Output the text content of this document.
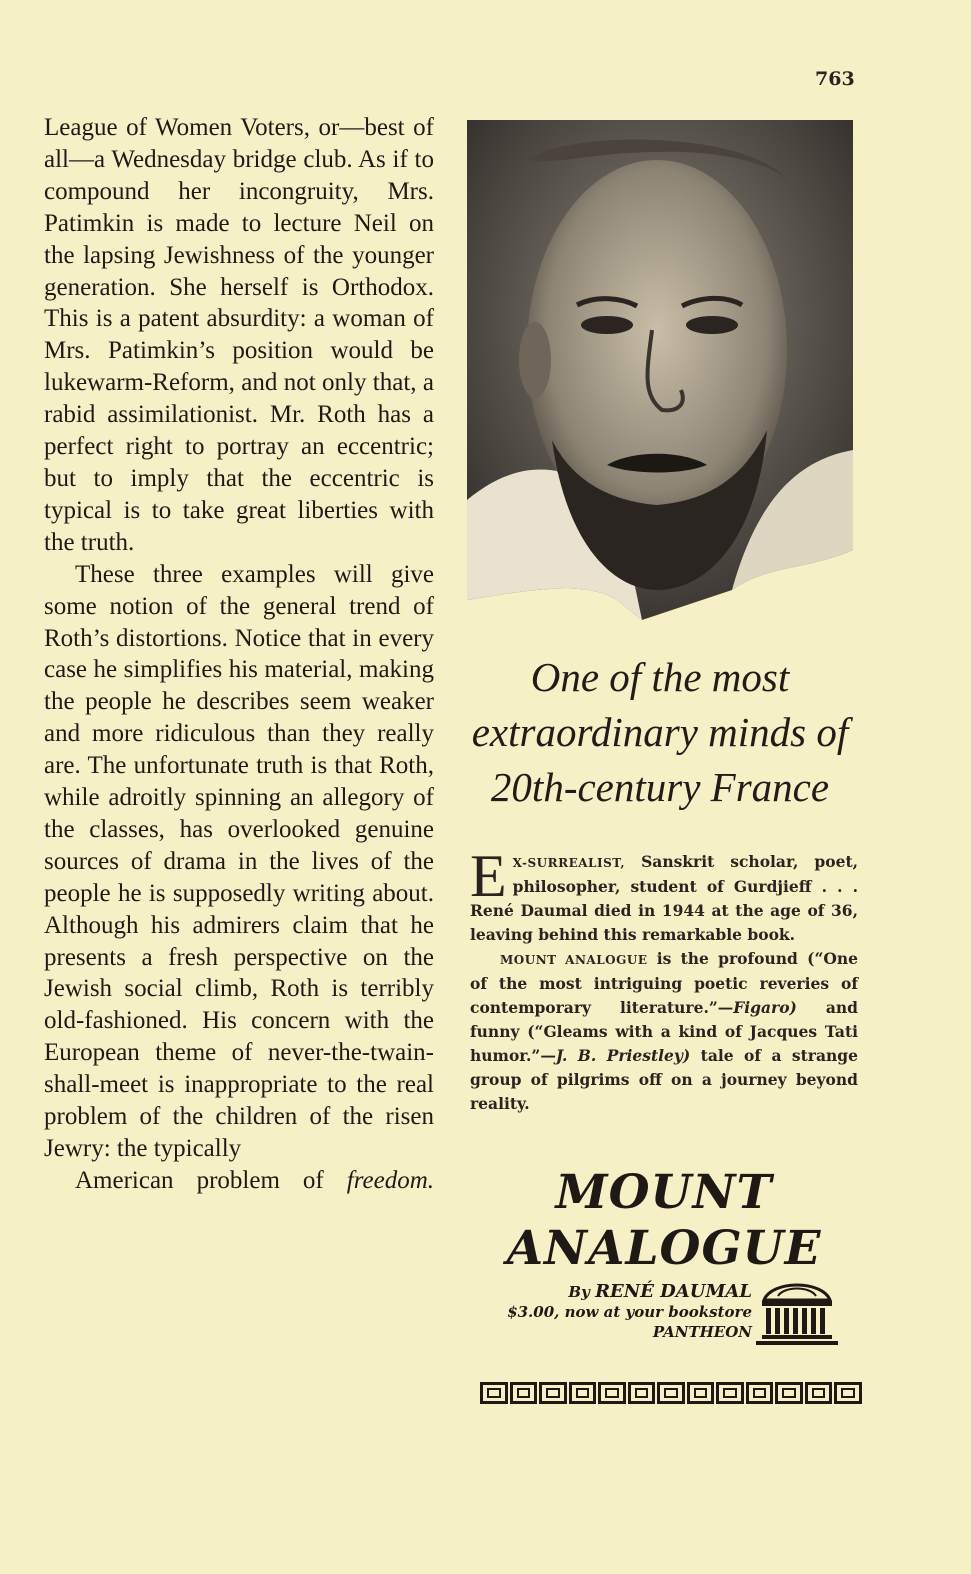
763

League of Women Voters, or—best of all—a Wednesday bridge club. As if to compound her incongruity, Mrs. Patimkin is made to lecture Neil on the lapsing Jewishness of the younger generation. She herself is Orthodox. This is a patent absurdity: a woman of Mrs. Patimkin’s position would be lukewarm-Reform, and not only that, a rabid assimilationist. Mr. Roth has a perfect right to portray an eccentric; but to imply that the eccentric is typical is to take great liberties with the truth.

These three examples will give some notion of the general trend of Roth’s distortions. Notice that in every case he simplifies his material, making the people he describes seem weaker and more ridiculous than they really are. The unfortunate truth is that Roth, while adroitly spinning an allegory of the classes, has overlooked genuine sources of drama in the lives of the people he is supposedly writing about. Although his admirers claim that he presents a fresh perspective on the Jewish social climb, Roth is terribly old-fashioned. His concern with the European theme of never-the-twain-shall-meet is inappropriate to the real problem of the children of the risen Jewry: the typically
American problem of freedom.

One of the most
extraordinary minds of
20th-century France

E X-SURREALIST, Sanskrit scholar, poet, philosopher, student of Gurdjieff . . . René Daumal died in 1944 at the age of 36, leaving behind this remarkable book.

MOUNT ANALOGUE is the profound (“One of the most intriguing poetic reveries of contemporary literature.”—Figaro) and funny (“Gleams with a kind of Jacques Tati humor.”—J. B. Priestley) tale of a strange group of pilgrims off on a journey beyond reality.

MOUNT
ANALOGUE
By RENÉ DAUMAL
$3.00, now at your bookstore
PANTHEON
